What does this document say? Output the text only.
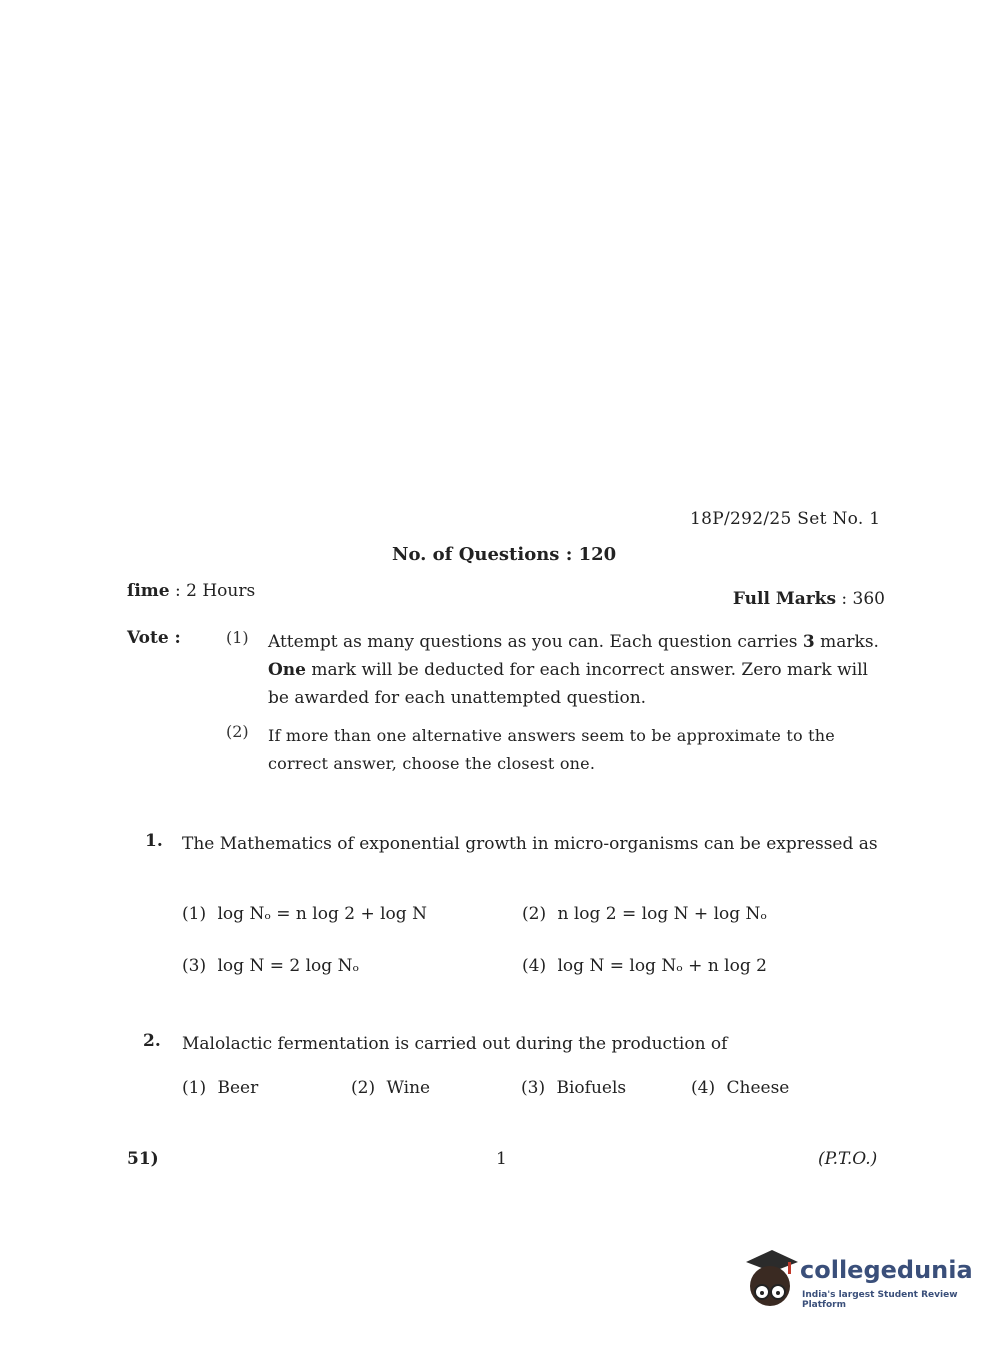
18P/292/25 Set No. 1
No. of Questions : 120
ſime : 2 Hours	Full Marks : 360
Vote :	(1) Attempt as many questions as you can. Each question carries 3 marks. One mark will be deducted for each incorrect answer. Zero mark will be awarded for each unattempted question.
(2) If more than one alternative answers seem to be approximate to the correct answer, choose the closest one.
1. The Mathematics of exponential growth in micro-organisms can be expressed as
(1) log Nₒ = n log 2 + log N	(2) n log 2 = log N + log Nₒ
(3) log N = 2 log Nₒ	(4) log N = log Nₒ + n log 2
2. Malolactic fermentation is carried out during the production of
(1) Beer	(2) Wine	(3) Biofuels	(4) Cheese
51)	1	(P.T.O.)
collegedunia
India's largest Student Review Platform
